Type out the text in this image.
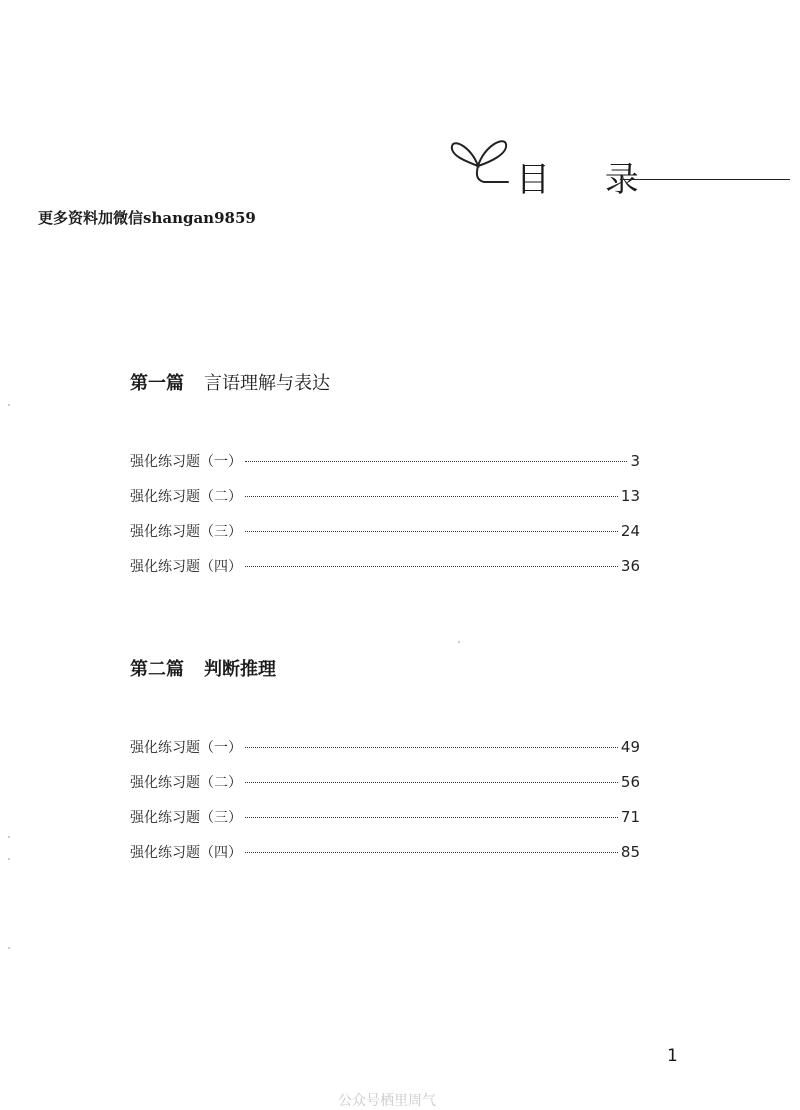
目 录
更多资料加微信shangan9859
第一篇 言语理解与表达
强化练习题（一）	3
强化练习题（二）	13
强化练习题（三）	24
强化练习题（四）	36
第二篇 判断推理
强化练习题（一）	49
强化练习题（二）	56
强化练习题（三）	71
强化练习题（四）	85
1
公众号栖里周气
